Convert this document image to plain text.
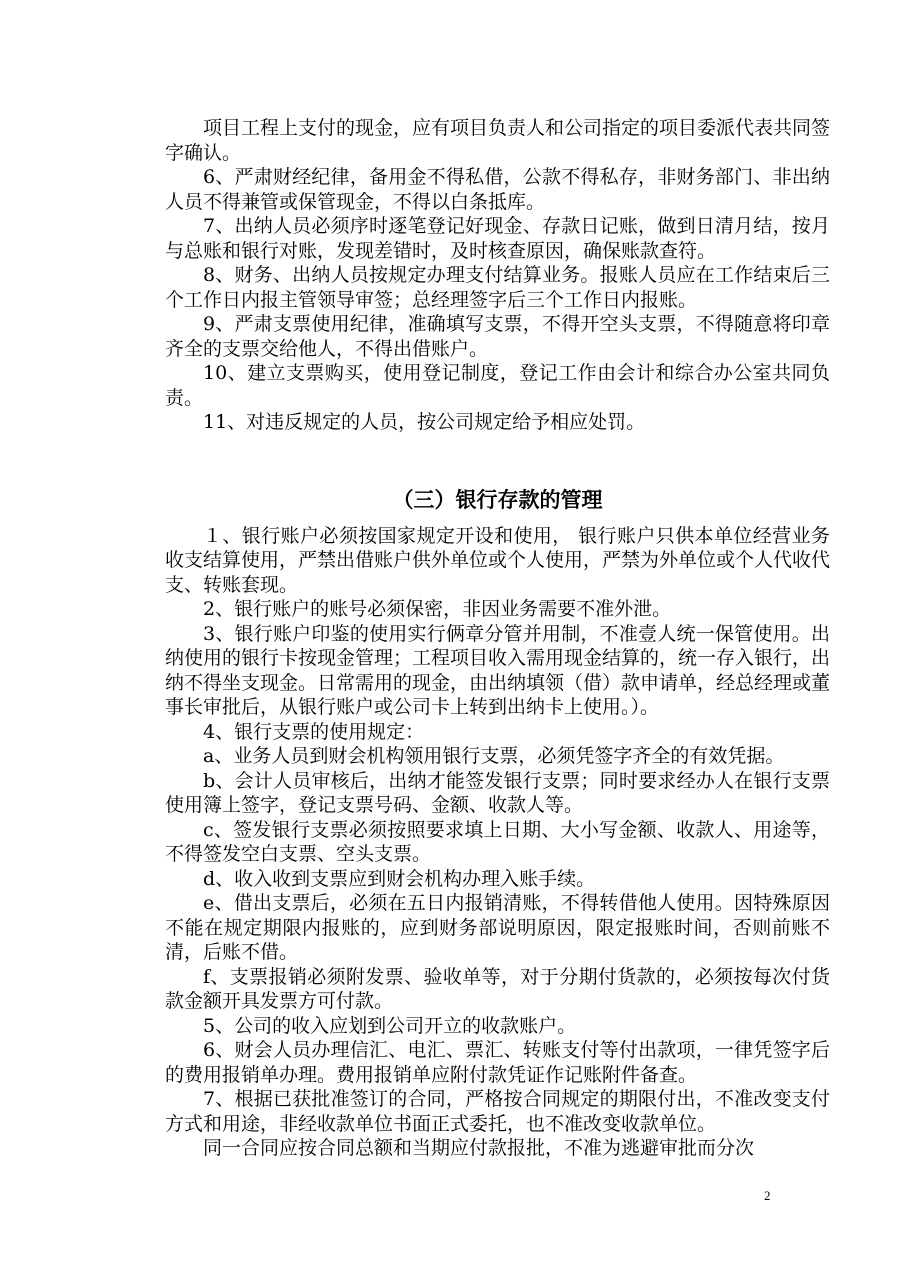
项目工程上支付的现金，应有项目负责人和公司指定的项目委派代表共同签字确认。

6、严肃财经纪律，备用金不得私借，公款不得私存，非财务部门、非出纳人员不得兼管或保管现金，不得以白条抵库。

7、出纳人员必须序时逐笔登记好现金、存款日记账，做到日清月结，按月与总账和银行对账，发现差错时，及时核查原因，确保账款查符。

8、财务、出纳人员按规定办理支付结算业务。报账人员应在工作结束后三个工作日内报主管领导审签；总经理签字后三个工作日内报账。

9、严肃支票使用纪律，准确填写支票，不得开空头支票，不得随意将印章齐全的支票交给他人，不得出借账户。

10、建立支票购买，使用登记制度，登记工作由会计和综合办公室共同负责。

11、对违反规定的人员，按公司规定给予相应处罚。

（三）银行存款的管理

１、银行账户必须按国家规定开设和使用， 银行账户只供本单位经营业务收支结算使用，严禁出借账户供外单位或个人使用，严禁为外单位或个人代收代支、转账套现。

2、银行账户的账号必须保密，非因业务需要不准外泄。

3、银行账户印鉴的使用实行俩章分管并用制，不准壹人统一保管使用。出纳使用的银行卡按现金管理；工程项目收入需用现金结算的，统一存入银行，出纳不得坐支现金。日常需用的现金，由出纳填领（借）款申请单，经总经理或董事长审批后，从银行账户或公司卡上转到出纳卡上使用。）。

4、银行支票的使用规定：

a、业务人员到财会机构领用银行支票，必须凭签字齐全的有效凭据。

b、会计人员审核后，出纳才能签发银行支票；同时要求经办人在银行支票使用簿上签字，登记支票号码、金额、收款人等。

c、签发银行支票必须按照要求填上日期、大小写金额、收款人、用途等，不得签发空白支票、空头支票。

d、收入收到支票应到财会机构办理入账手续。

e、借出支票后，必须在五日内报销清账，不得转借他人使用。因特殊原因不能在规定期限内报账的，应到财务部说明原因，限定报账时间，否则前账不清，后账不借。

f、支票报销必须附发票、验收单等，对于分期付货款的，必须按每次付货款金额开具发票方可付款。

5、公司的收入应划到公司开立的收款账户。

6、财会人员办理信汇、电汇、票汇、转账支付等付出款项，一律凭签字后的费用报销单办理。费用报销单应附付款凭证作记账附件备查。

7、根据已获批准签订的合同，严格按合同规定的期限付出，不准改变支付方式和用途，非经收款单位书面正式委托，也不准改变收款单位。

同一合同应按合同总额和当期应付款报批，不准为逃避审批而分次

2
